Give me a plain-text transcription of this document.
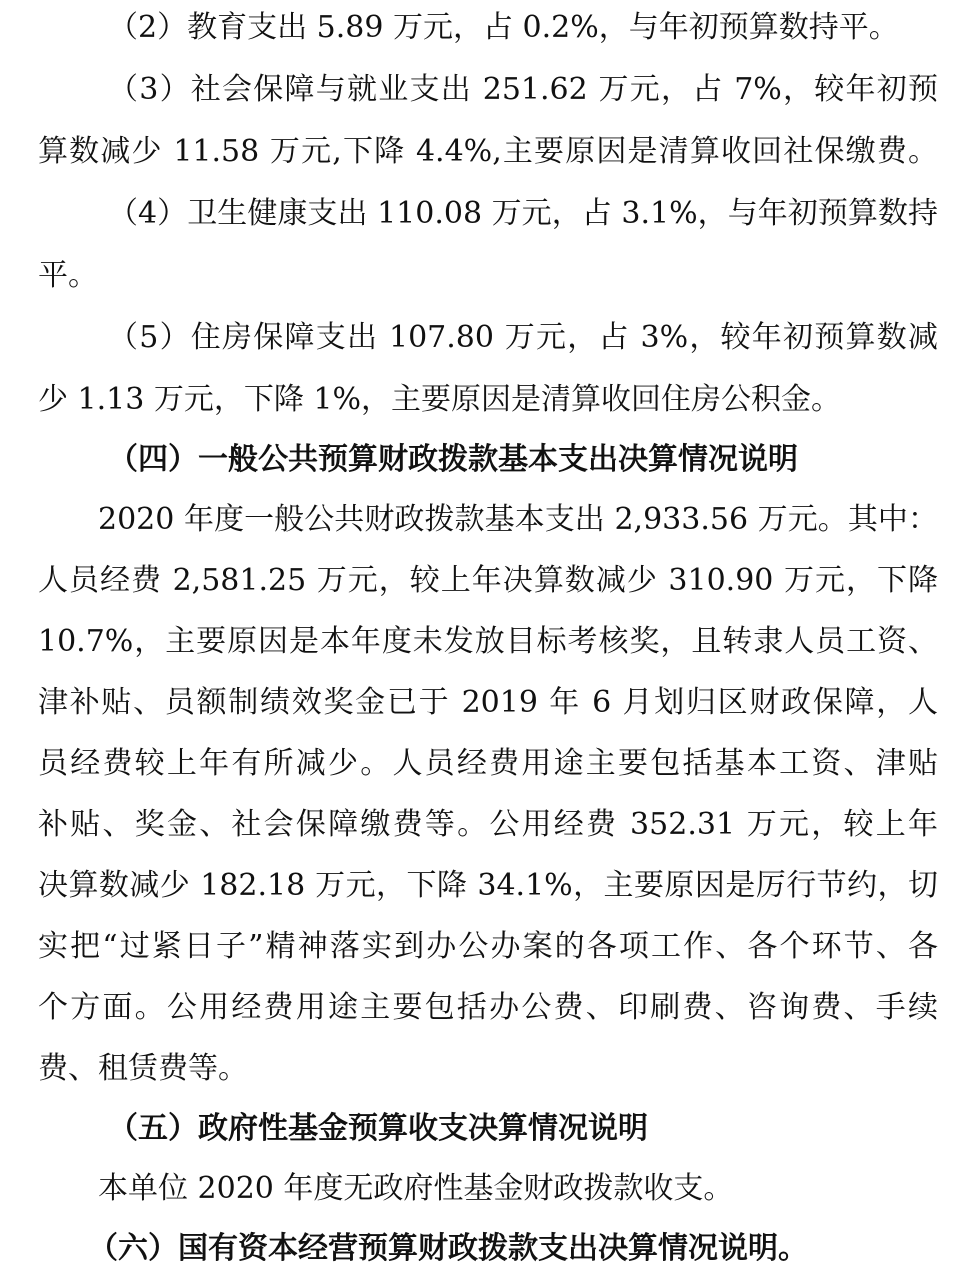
（2）教育支出 5.89 万元，占 0.2%，与年初预算数持平。
（3）社会保障与就业支出 251.62 万元，占 7%，较年初预
算数减少 11.58 万元,下降 4.4%,主要原因是清算收回社保缴费。
（4）卫生健康支出 110.08 万元，占 3.1%，与年初预算数持
平。
（5）住房保障支出 107.80 万元，占 3%，较年初预算数减
少 1.13 万元，下降 1%，主要原因是清算收回住房公积金。
（四）一般公共预算财政拨款基本支出决算情况说明
2020 年度一般公共财政拨款基本支出 2,933.56 万元。其中：
人员经费 2,581.25 万元，较上年决算数减少 310.90 万元，下降
10.7%，主要原因是本年度未发放目标考核奖，且转隶人员工资、
津补贴、员额制绩效奖金已于 2019 年 6 月划归区财政保障，人
员经费较上年有所减少。人员经费用途主要包括基本工资、津贴
补贴、奖金、社会保障缴费等。公用经费 352.31 万元，较上年
决算数减少 182.18 万元，下降 34.1%，主要原因是厉行节约，切
实把“过紧日子”精神落实到办公办案的各项工作、各个环节、各
个方面。公用经费用途主要包括办公费、印刷费、咨询费、手续
费、租赁费等。
（五）政府性基金预算收支决算情况说明
本单位 2020 年度无政府性基金财政拨款收支。
（六）国有资本经营预算财政拨款支出决算情况说明。
